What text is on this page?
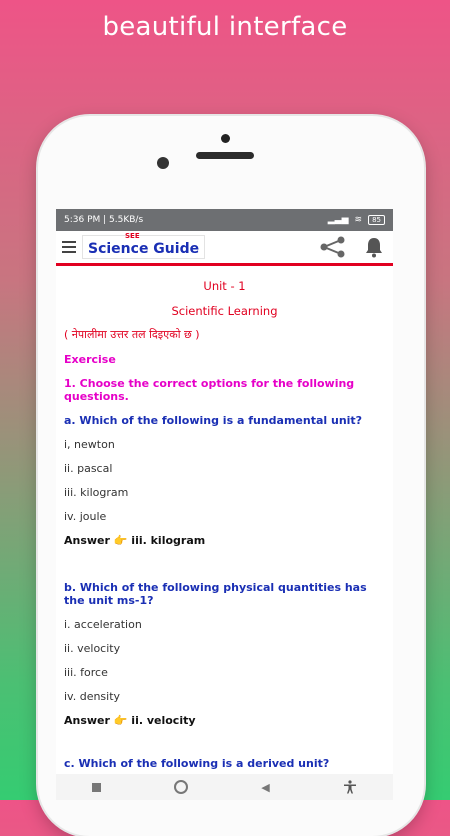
beautiful interface
5:36 PM | 5.5KB/s	▂▃▅ ≋	85
SEE
Science Guide
Unit - 1
Scientific Learning
( नेपालीमा उत्तर तल दिइएको छ )
Exercise
1. Choose the correct options for the following questions.
a. Which of the following is a fundamental unit?
i, newton
ii. pascal
iii. kilogram
iv. joule
Answer 👉 iii. kilogram
b. Which of the following physical quantities has the unit ms-1?
i. acceleration
ii. velocity
iii. force
iv. density
Answer 👉 ii. velocity
c. Which of the following is a derived unit?
◀
